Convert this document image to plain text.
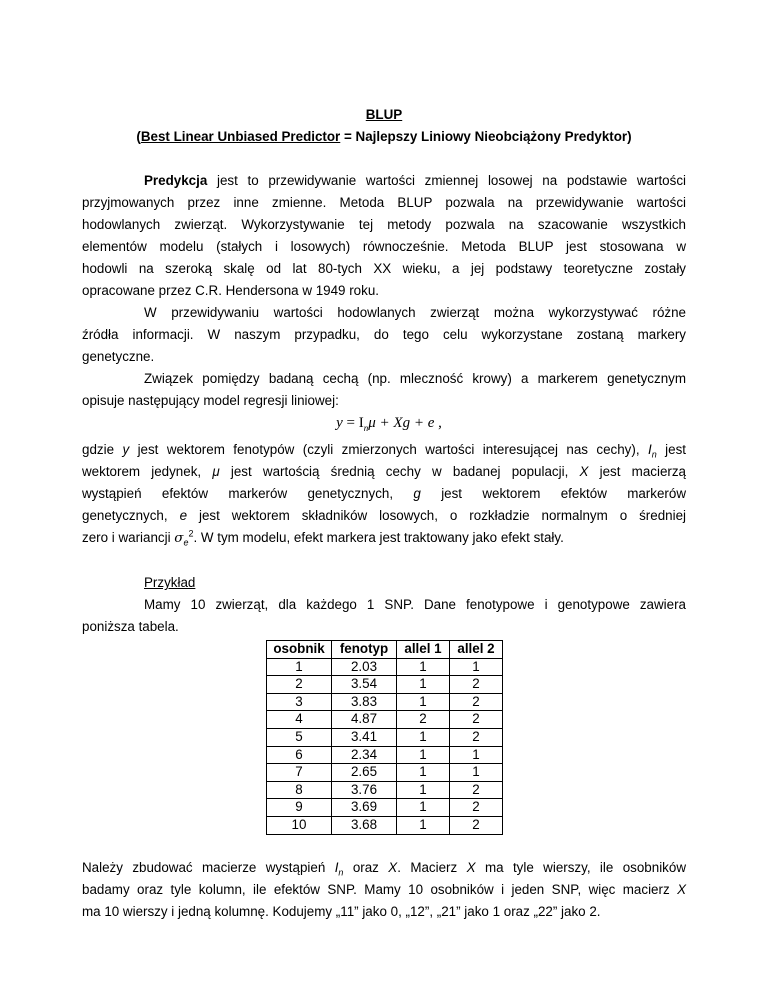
BLUP
(Best Linear Unbiased Predictor = Najlepszy Liniowy Nieobciążony Predyktor)

Predykcja jest to przewidywanie wartości zmiennej losowej na podstawie wartości

przyjmowanych przez inne zmienne. Metoda BLUP pozwala na przewidywanie wartości

hodowlanych zwierząt. Wykorzystywanie tej metody pozwala na szacowanie wszystkich

elementów modelu (stałych i losowych) równocześnie. Metoda BLUP jest stosowana w

hodowli na szeroką skalę od lat 80-tych XX wieku, a jej podstawy teoretyczne zostały

opracowane przez C.R. Hendersona w 1949 roku.

W przewidywaniu wartości hodowlanych zwierząt można wykorzystywać różne

źródła informacji. W naszym przypadku, do tego celu wykorzystane zostaną markery

genetyczne.

Związek pomiędzy badaną cechą (np. mleczność krowy) a markerem genetycznym

opisuje następujący model regresji liniowej:

$y = I_n\mu + Xg + e$ ,

gdzie y jest wektorem fenotypów (czyli zmierzonych wartości interesującej nas cechy), $I_n$ jest

wektorem jedynek, μ jest wartością średnią cechy w badanej populacji, X jest macierzą

wystąpień efektów markerów genetycznych, g jest wektorem efektów markerów

genetycznych, e jest wektorem składników losowych, o rozkładzie normalnym o średniej

zero i wariancji $\sigma_e^2$. W tym modelu, efekt markera jest traktowany jako efekt stały.

Przykład

Mamy 10 zwierząt, dla każdego 1 SNP. Dane fenotypowe i genotypowe zawiera

poniższa tabela.

osobnik	fenotyp	allel 1	allel 2
1	2.03	1	1
2	3.54	1	2
3	3.83	1	2
4	4.87	2	2
5	3.41	1	2
6	2.34	1	1
7	2.65	1	1
8	3.76	1	2
9	3.69	1	2
10	3.68	1	2

Należy zbudować macierze wystąpień $I_n$ oraz X. Macierz X ma tyle wierszy, ile osobników

badamy oraz tyle kolumn, ile efektów SNP. Mamy 10 osobników i jeden SNP, więc macierz X

ma 10 wierszy i jedną kolumnę. Kodujemy „11” jako 0, „12”, „21” jako 1 oraz „22” jako 2.
